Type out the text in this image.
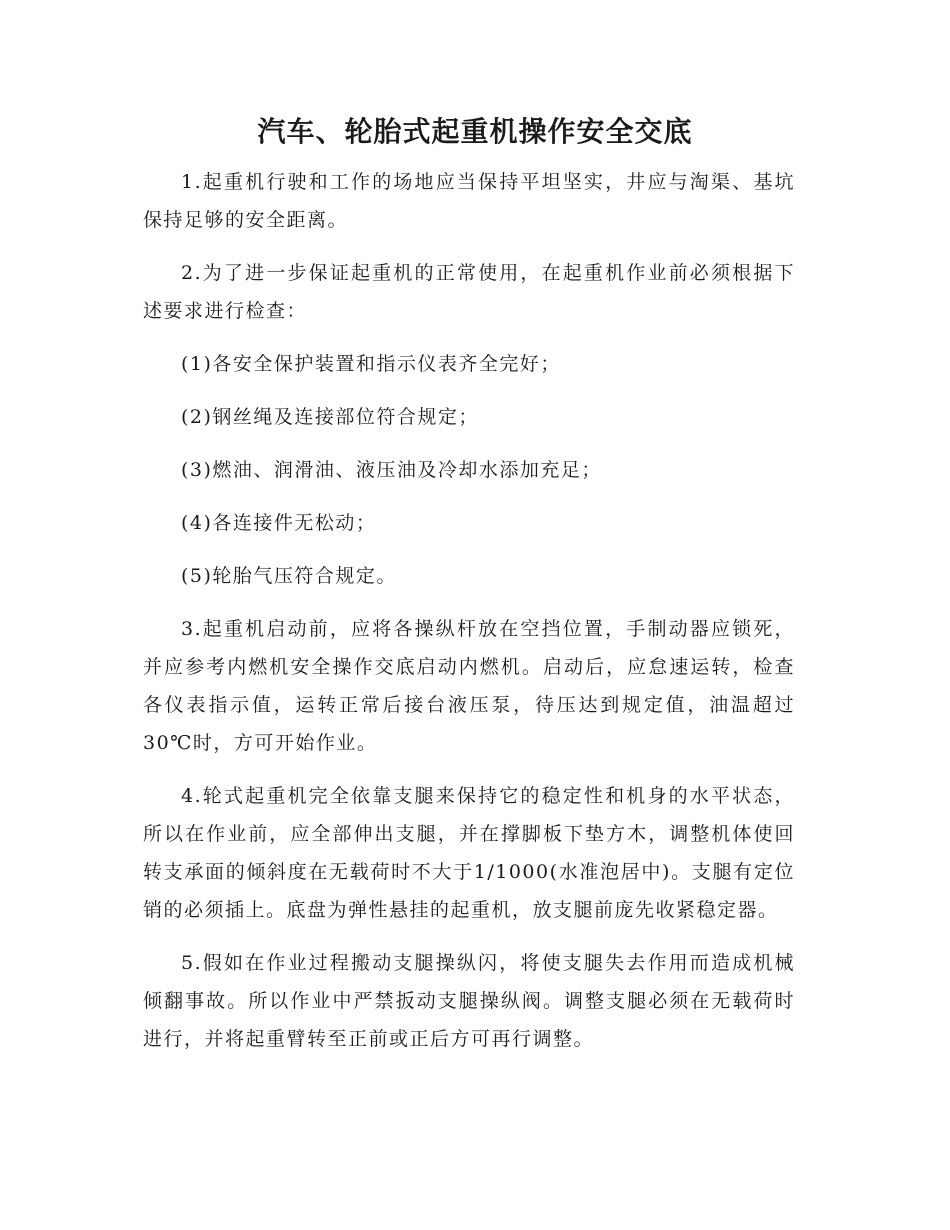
汽车、轮胎式起重机操作安全交底

1.起重机行驶和工作的场地应当保持平坦坚实，井应与淘渠、基坑保持足够的安全距离。

2.为了进一步保证起重机的正常使用，在起重机作业前必须根据下述要求进行检查：

(1)各安全保护装置和指示仪表齐全完好；

(2)钢丝绳及连接部位符合规定；

(3)燃油、润滑油、液压油及冷却水添加充足；

(4)各连接件无松动；

(5)轮胎气压符合规定。

3.起重机启动前，应将各操纵杆放在空挡位置，手制动器应锁死，并应参考内燃机安全操作交底启动内燃机。启动后，应怠速运转，检查各仪表指示值，运转正常后接台液压泵，待压达到规定值，油温超过30℃时，方可开始作业。

4.轮式起重机完全依靠支腿来保持它的稳定性和机身的水平状态，所以在作业前，应全部伸出支腿，并在撑脚板下垫方木，调整机体使回转支承面的倾斜度在无载荷时不大于1/1000(水准泡居中)。支腿有定位销的必须插上。底盘为弹性悬挂的起重机，放支腿前庞先收紧稳定器。

5.假如在作业过程搬动支腿操纵闪，将使支腿失去作用而造成机械倾翻事故。所以作业中严禁扳动支腿操纵阀。调整支腿必须在无载荷时进行，并将起重臂转至正前或正后方可再行调整。
